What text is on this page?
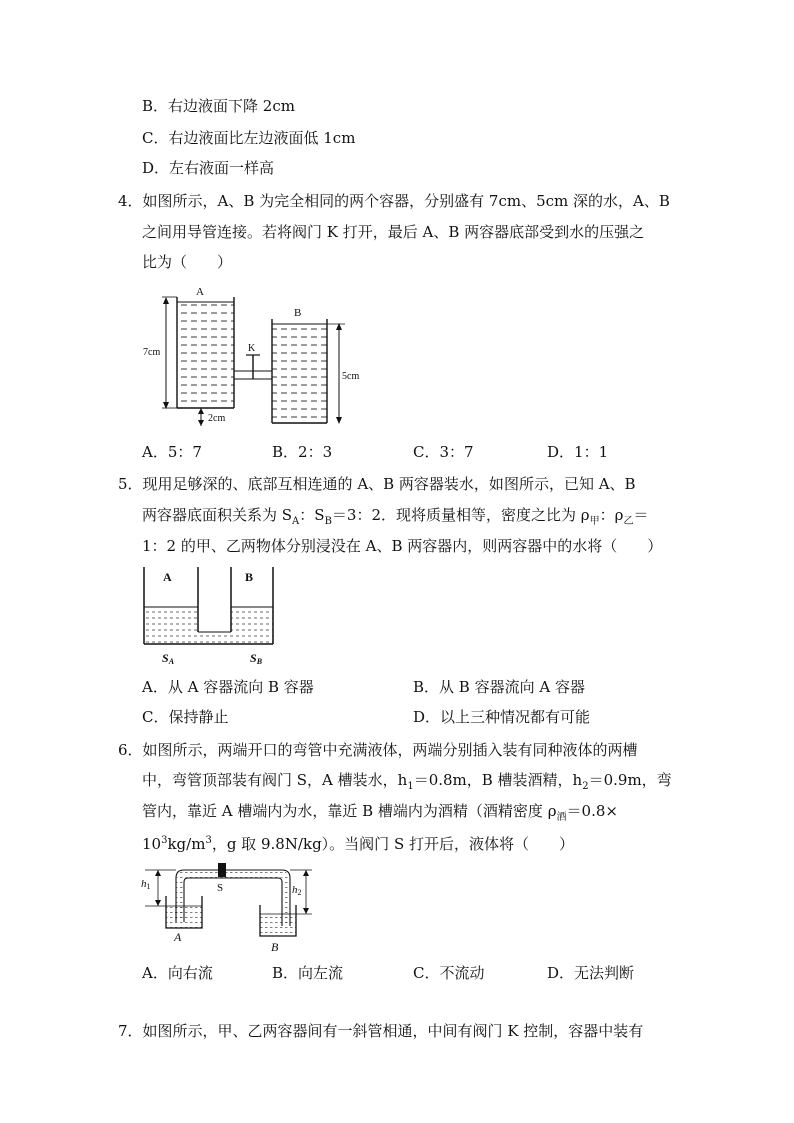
B．右边液面下降 2cm
C．右边液面比左边液面低 1cm
D．左右液面一样高
4．如图所示，A、B 为完全相同的两个容器，分别盛有 7cm、5cm 深的水，A、B
之间用导管连接。若将阀门 K 打开，最后 A、B 两容器底部受到水的压强之
比为（　　）
A
B
K
7cm
5cm
2cm
A．5：7	B．2：3	C．3：7	D．1：1
5．现用足够深的、底部互相连通的 A、B 两容器装水，如图所示，已知 A、B
两容器底面积关系为 $S_A$：$S_B=3$：2．现将质量相等，密度之比为 $\rho_甲$：$\rho_乙=$
1：2 的甲、乙两物体分别浸没在 A、B 两容器内，则两容器中的水将（　　）
A	B
SA	SB
A．从 A 容器流向 B 容器	B．从 B 容器流向 A 容器
C．保持静止	D．以上三种情况都有可能
6．如图所示，两端开口的弯管中充满液体，两端分别插入装有同种液体的两槽
中，弯管顶部装有阀门 S，A 槽装水，$h_1=0.8m$，B 槽装酒精，$h_2=0.9m$，弯
管内，靠近 A 槽端内为水，靠近 B 槽端内为酒精（酒精密度 $\rho_酒=0.8\times$
$10^3kg/m^3$，g 取 9.8N/kg）。当阀门 S 打开后，液体将（　　）
S
h1	h2
A
B
A．向右流	B．向左流	C．不流动	D．无法判断
7．如图所示，甲、乙两容器间有一斜管相通，中间有阀门 K 控制，容器中装有
